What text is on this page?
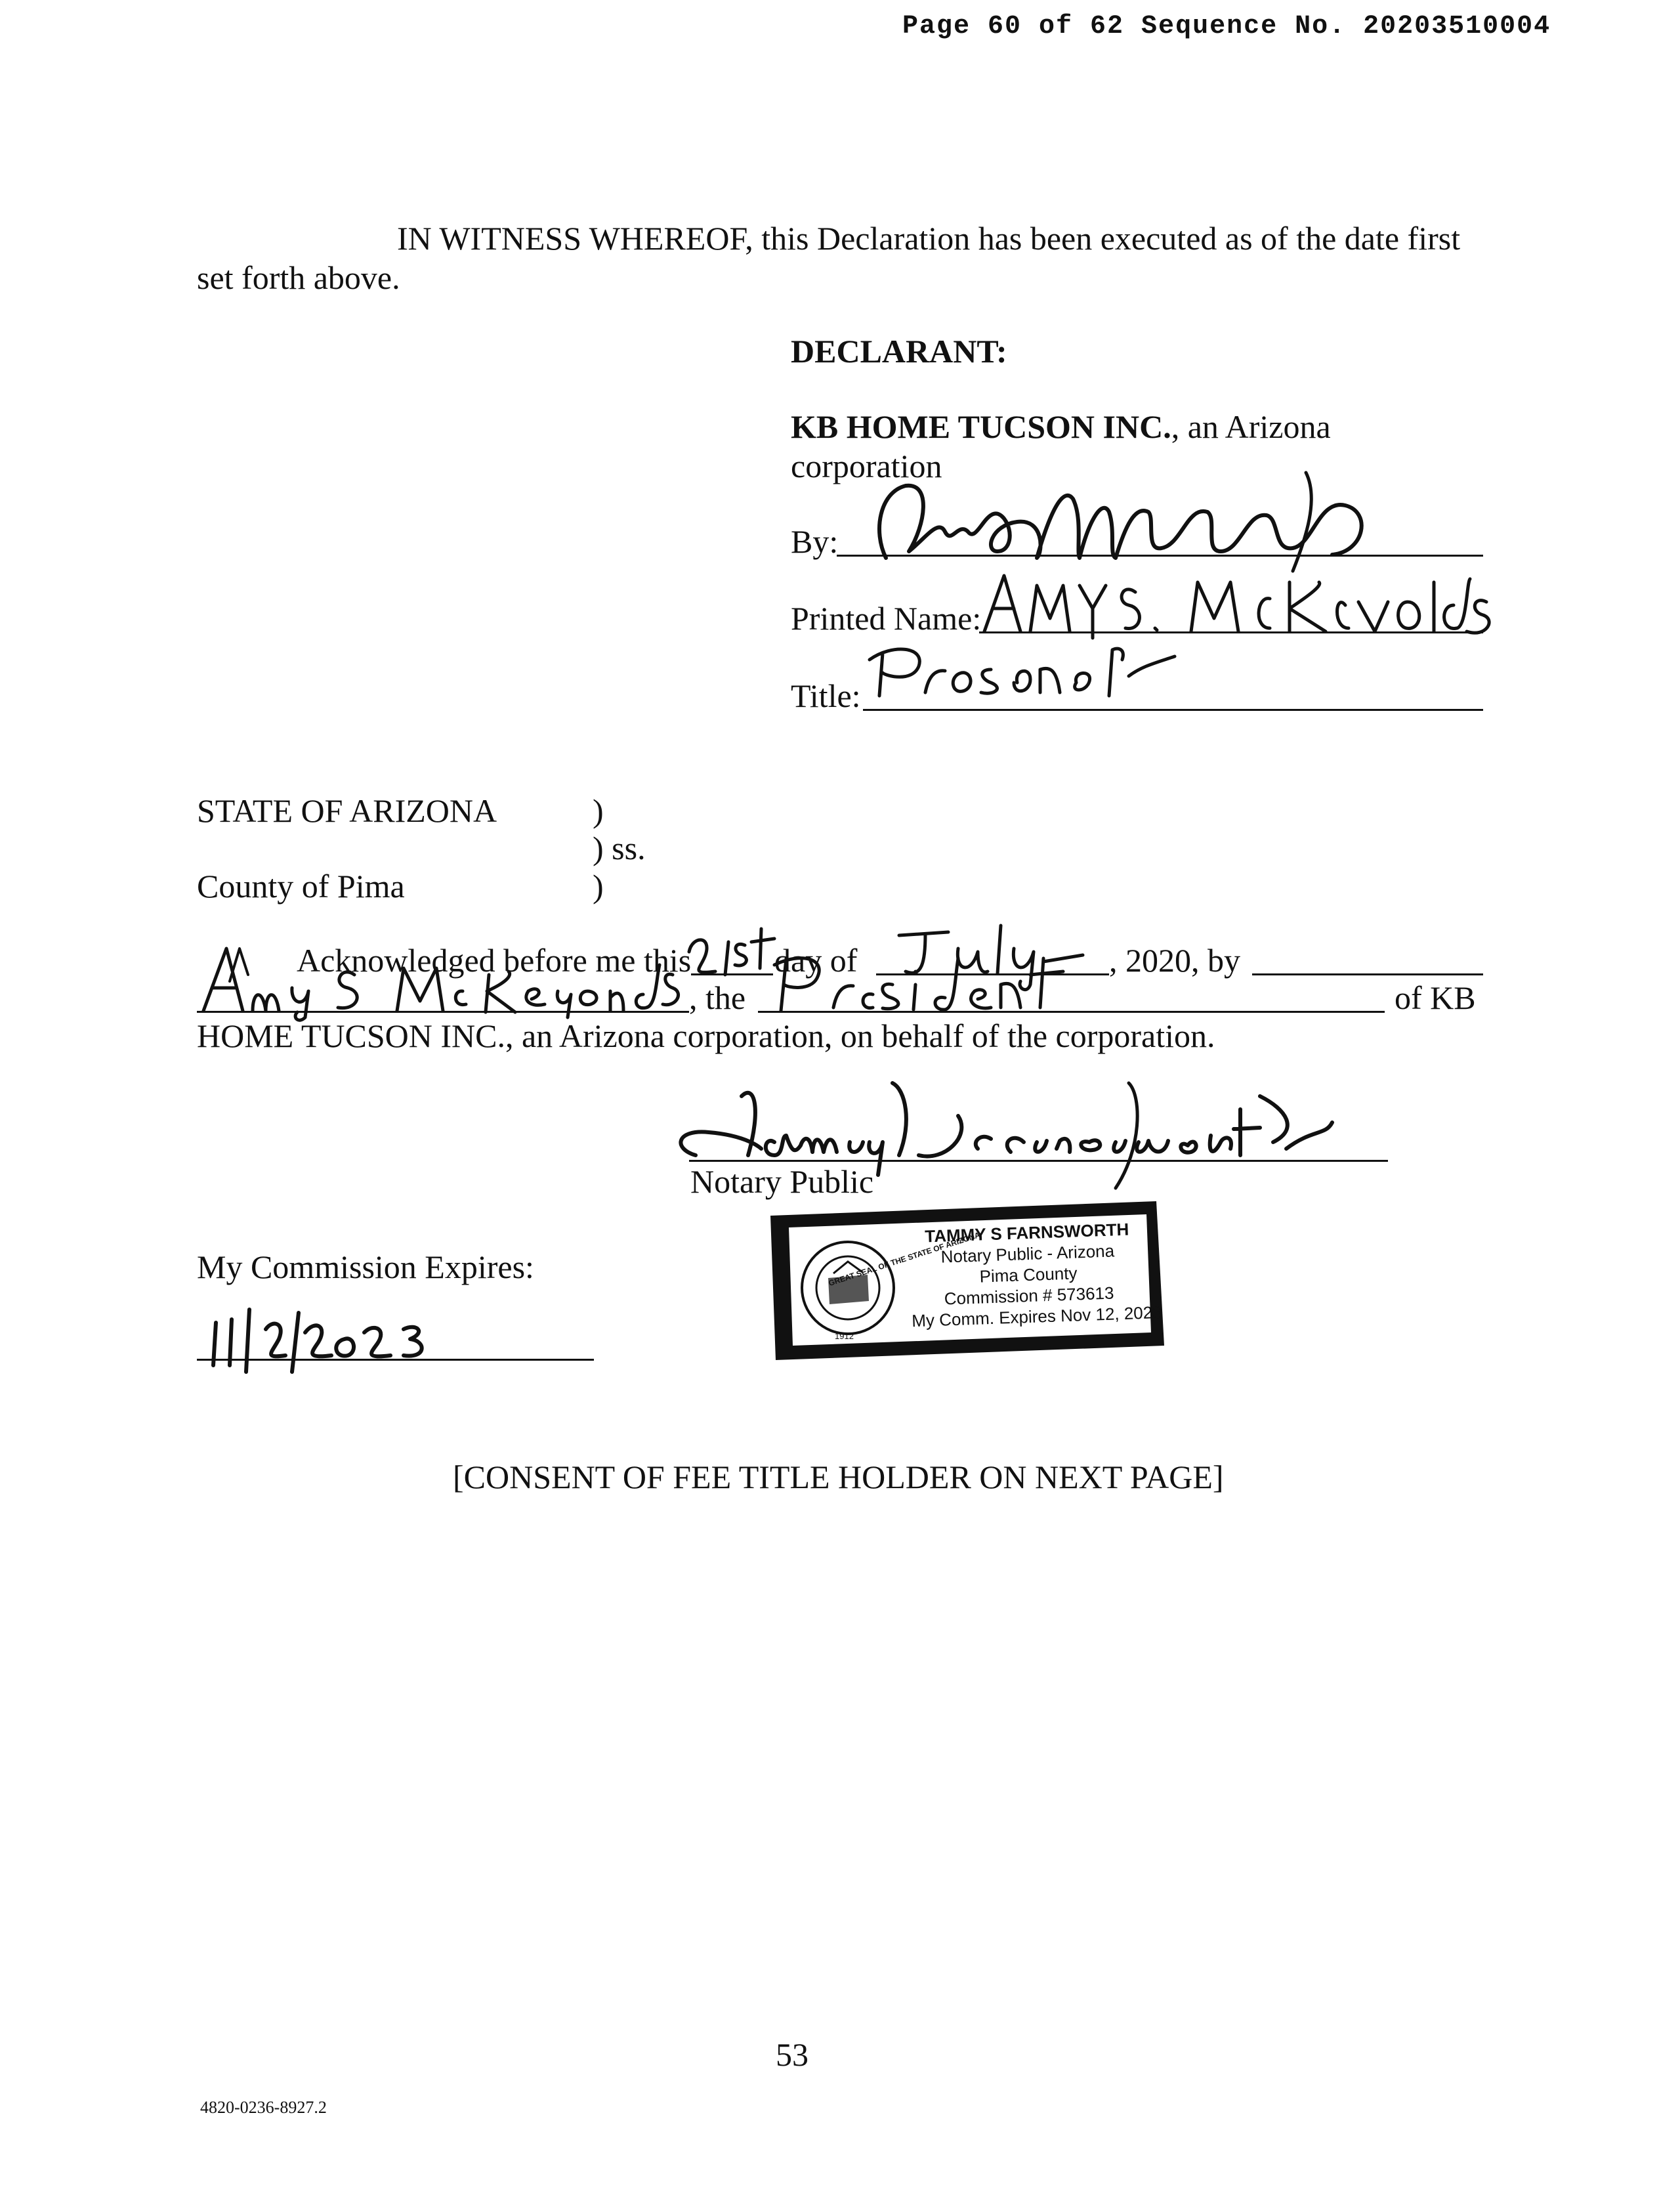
Page 60 of 62 Sequence No. 20203510004
IN WITNESS WHEREOF, this Declaration has been executed as of the date first
set forth above.
DECLARANT:
KB HOME TUCSON INC., an Arizona
corporation
By:
Printed Name:
Title:
STATE OF ARIZONA	)
) ss.
County of Pima	)
Acknowledged before me this	day of	, 2020, by
, the	of KB
HOME TUCSON INC., an Arizona corporation, on behalf of the corporation.
Notary Public
My Commission Expires:	GREAT SEAL OF THE STATE OF ARIZONA
1912
TAMMY S FARNSWORTH
Notary Public - Arizona
Pima County
Commission # 573613
My Comm. Expires Nov 12, 2023
[CONSENT OF FEE TITLE HOLDER ON NEXT PAGE]
53
4820-0236-8927.2
